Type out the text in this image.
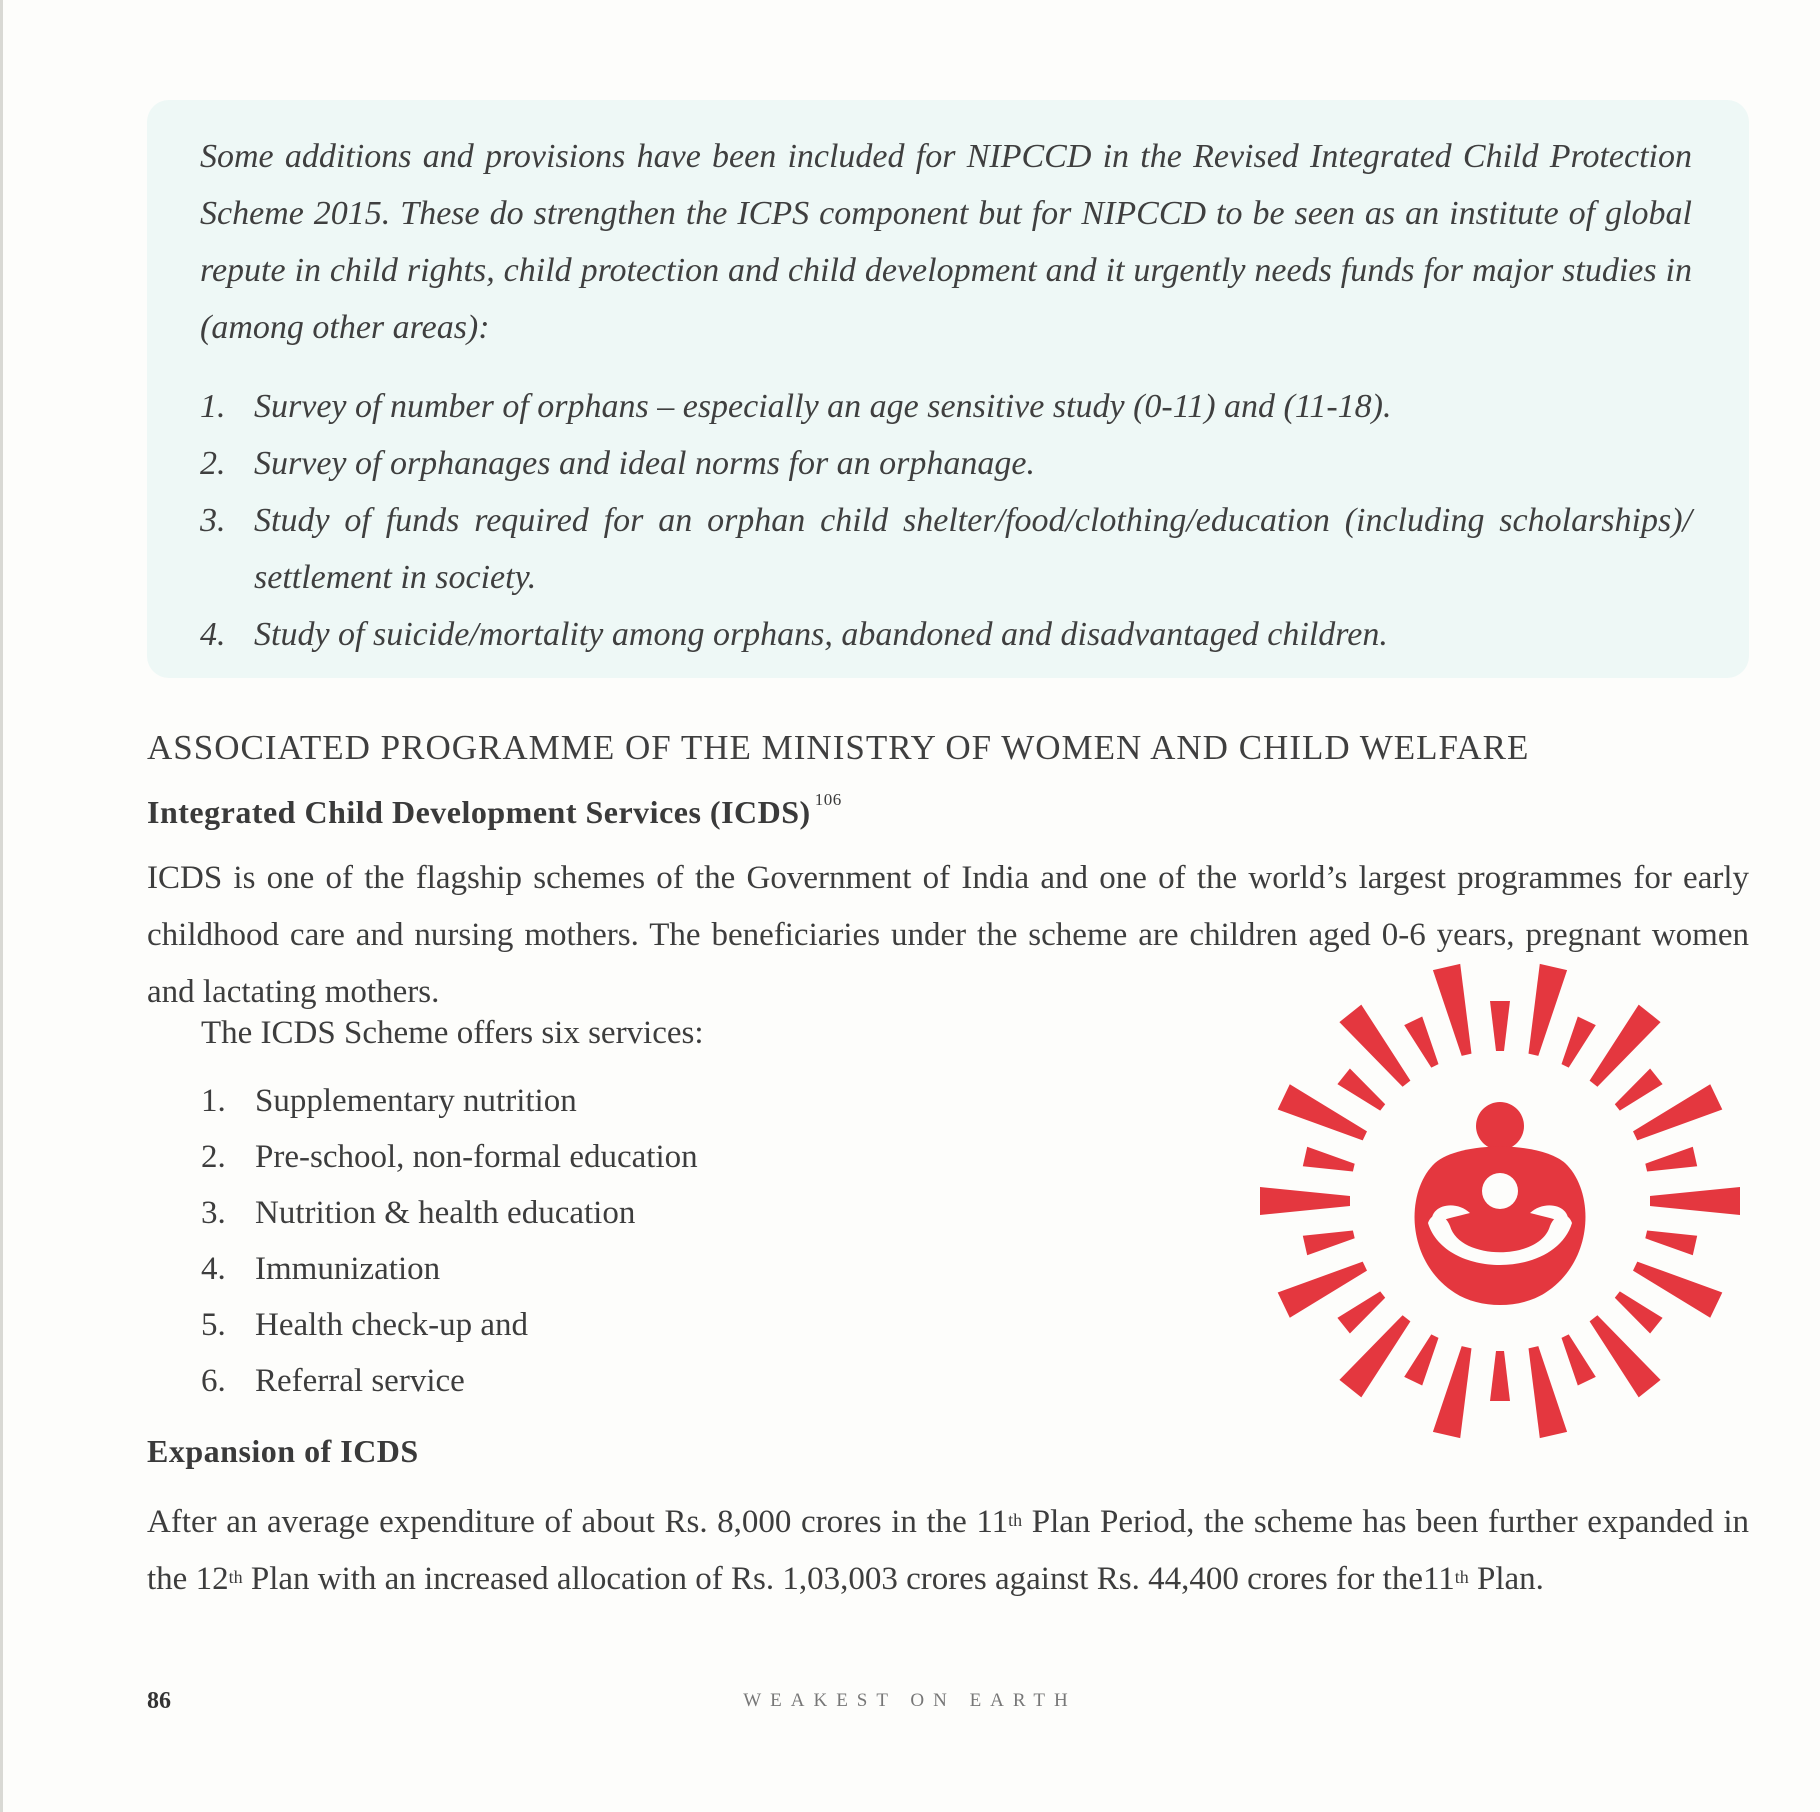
Some additions and provisions have been included for NIPCCD in the Revised Integrated Child Protection Scheme 2015. These do strengthen the ICPS component but for NIPCCD to be seen as an institute of global repute in child rights, child protection and child development and it urgently needs funds for major studies in (among other areas):

1. Survey of number of orphans – especially an age sensitive study (0-11) and (11-18).
2. Survey of orphanages and ideal norms for an orphanage.
3. Study of funds required for an orphan child shelter/food/clothing/education (including scholarships)/ settlement in society.
4. Study of suicide/mortality among orphans, abandoned and disadvantaged children.
ASSOCIATED PROGRAMME OF THE MINISTRY OF WOMEN AND CHILD WELFARE
Integrated Child Development Services (ICDS) $^{106}$

ICDS is one of the flagship schemes of the Government of India and one of the world’s largest programmes for early childhood care and nursing mothers. The beneficiaries under the scheme are children aged 0-6 years, pregnant women and lactating mothers.

The ICDS Scheme offers six services:

1. Supplementary nutrition
2. Pre-school, non-formal education
3. Nutrition & health education
4. Immunization
5. Health check-up and
6. Referral service
Expansion of ICDS

After an average expenditure of about Rs. 8,000 crores in the 11th Plan Period, the scheme has been further expanded in the 12th Plan with an increased allocation of Rs. 1,03,003 crores against Rs. 44,400 crores for the11th Plan.

86	WEAKEST ON EARTH
